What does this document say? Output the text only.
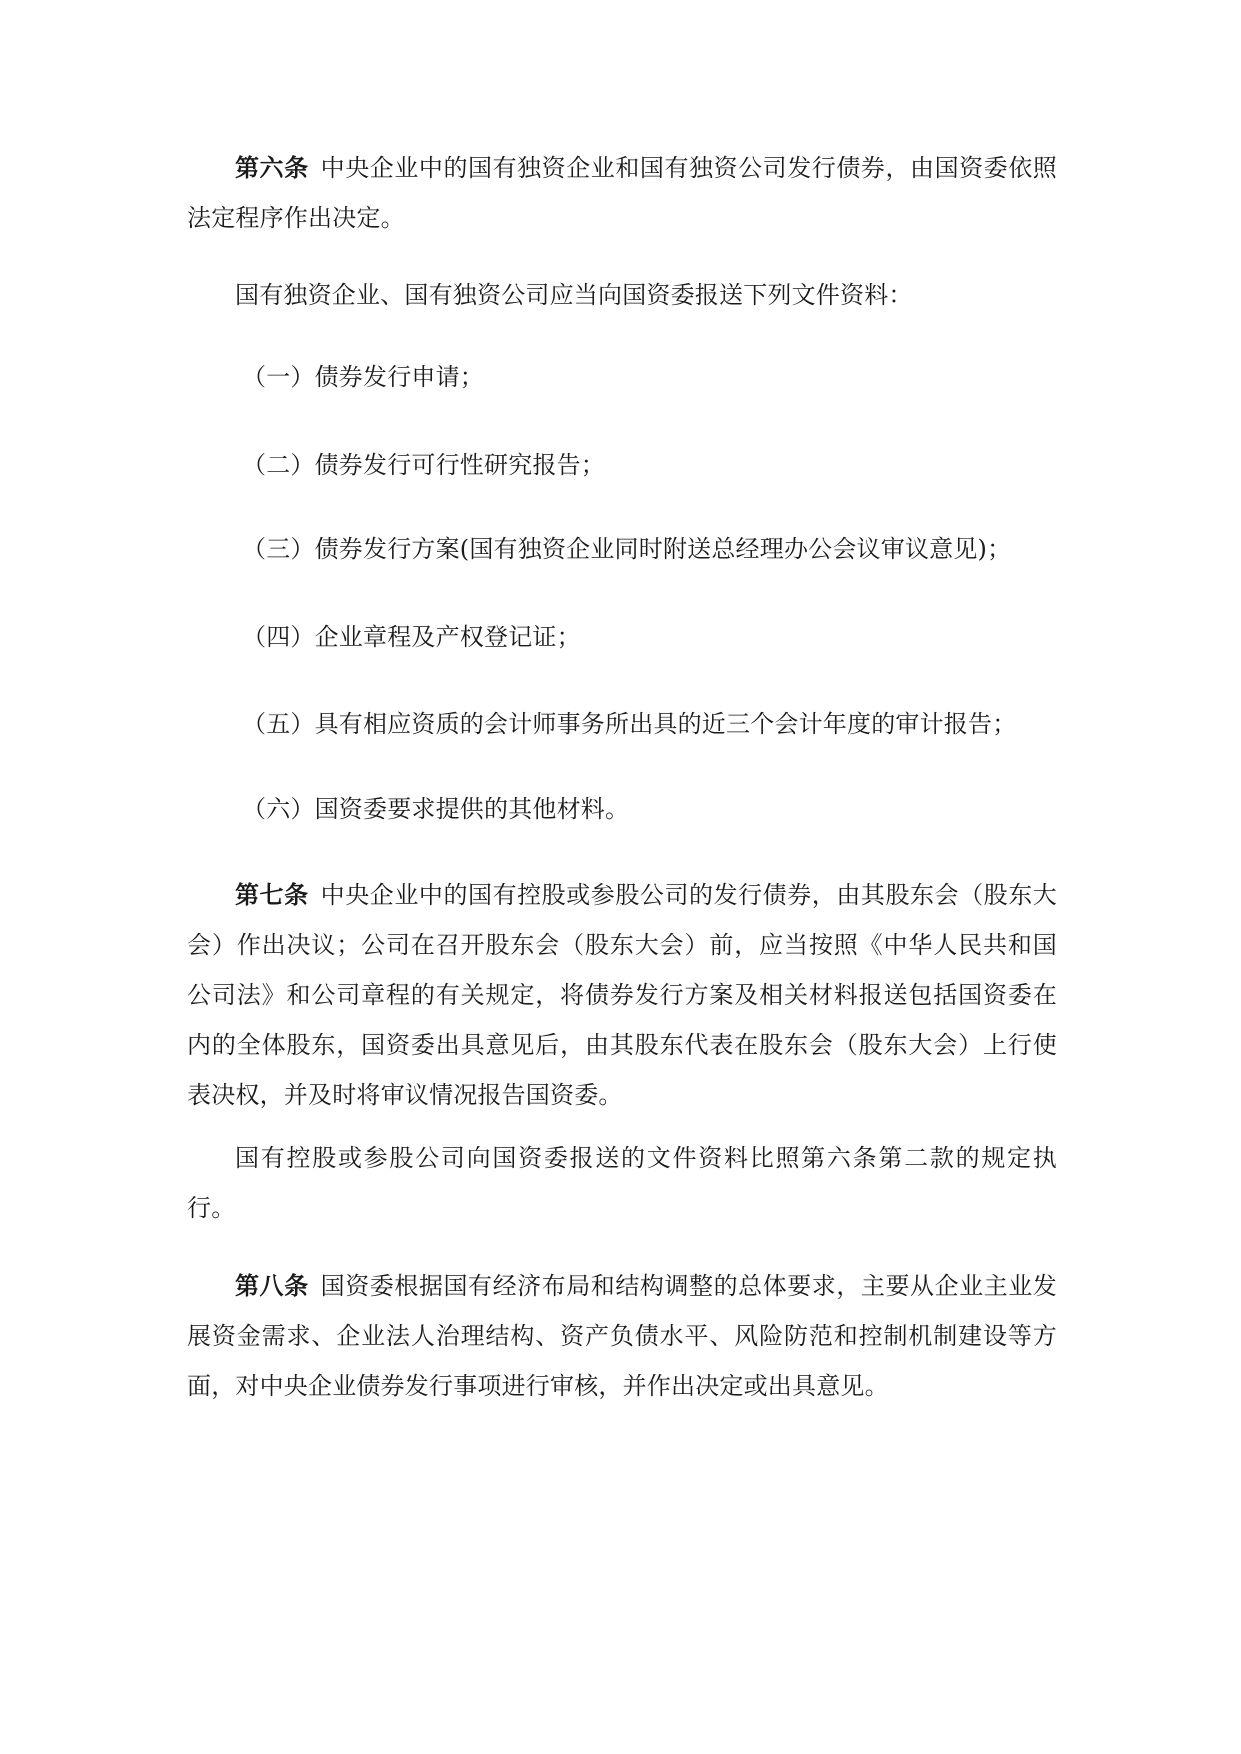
第六条 中央企业中的国有独资企业和国有独资公司发行债券，由国资委依照法定程序作出决定。

国有独资企业、国有独资公司应当向国资委报送下列文件资料：

（一）债券发行申请；

（二）债券发行可行性研究报告；

（三）债券发行方案(国有独资企业同时附送总经理办公会议审议意见)；

（四）企业章程及产权登记证；

（五）具有相应资质的会计师事务所出具的近三个会计年度的审计报告；

（六）国资委要求提供的其他材料。

第七条 中央企业中的国有控股或参股公司的发行债券，由其股东会（股东大会）作出决议；公司在召开股东会（股东大会）前，应当按照《中华人民共和国公司法》和公司章程的有关规定，将债券发行方案及相关材料报送包括国资委在内的全体股东，国资委出具意见后，由其股东代表在股东会（股东大会）上行使表决权，并及时将审议情况报告国资委。

国有控股或参股公司向国资委报送的文件资料比照第六条第二款的规定执行。

第八条 国资委根据国有经济布局和结构调整的总体要求，主要从企业主业发展资金需求、企业法人治理结构、资产负债水平、风险防范和控制机制建设等方面，对中央企业债券发行事项进行审核，并作出决定或出具意见。
